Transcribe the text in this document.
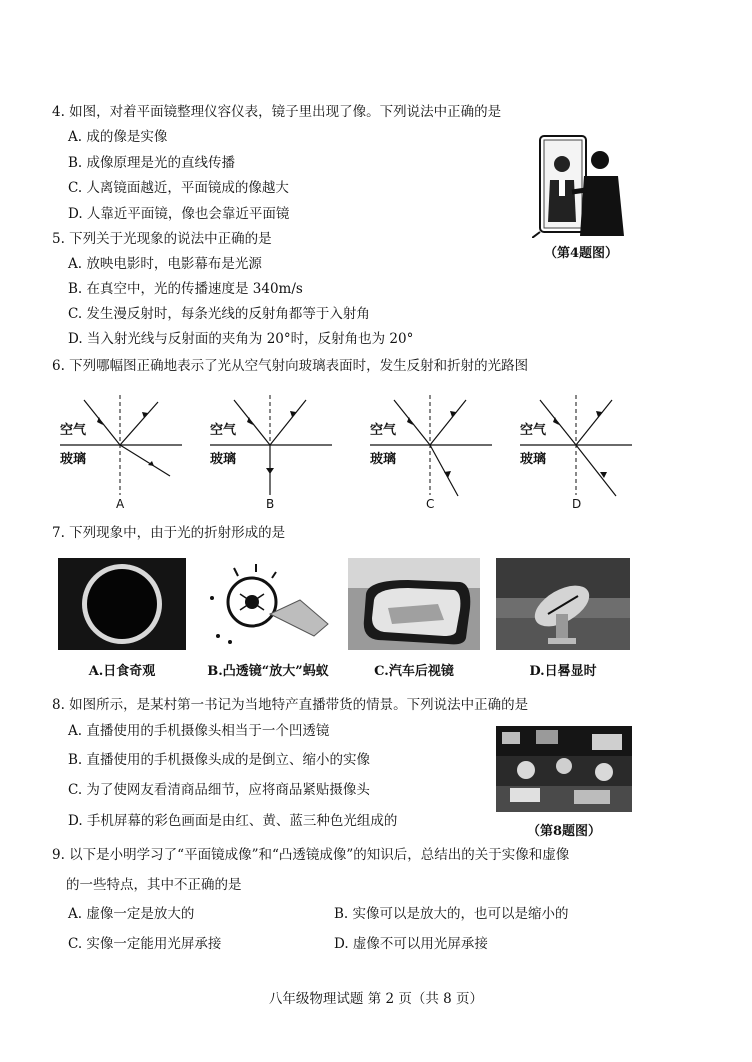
4. 如图，对着平面镜整理仪容仪表，镜子里出现了像。下列说法中正确的是
A. 成的像是实像
B. 成像原理是光的直线传播
C. 人离镜面越近，平面镜成的像越大
D. 人靠近平面镜，像也会靠近平面镜
（第4题图）
5. 下列关于光现象的说法中正确的是
A. 放映电影时，电影幕布是光源
B. 在真空中，光的传播速度是 340m/s
C. 发生漫反射时，每条光线的反射角都等于入射角
D. 当入射光线与反射面的夹角为 20°时，反射角也为 20°
6. 下列哪幅图正确地表示了光从空气射向玻璃表面时，发生反射和折射的光路图
空气
玻璃
A
空气
玻璃
B
空气
玻璃
C
空气
玻璃
D
7. 下列现象中，由于光的折射形成的是
A.日食奇观	B.凸透镜“放大”蚂蚁	C.汽车后视镜	D.日晷显时
8. 如图所示，是某村第一书记为当地特产直播带货的情景。下列说法中正确的是
A. 直播使用的手机摄像头相当于一个凹透镜
B. 直播使用的手机摄像头成的是倒立、缩小的实像
C. 为了使网友看清商品细节，应将商品紧贴摄像头
D. 手机屏幕的彩色画面是由红、黄、蓝三种色光组成的
（第8题图）
9. 以下是小明学习了“平面镜成像”和“凸透镜成像”的知识后，总结出的关于实像和虚像
的一些特点，其中不正确的是
A. 虚像一定是放大的	B. 实像可以是放大的，也可以是缩小的
C. 实像一定能用光屏承接	D. 虚像不可以用光屏承接
八年级物理试题 第 2 页（共 8 页）
